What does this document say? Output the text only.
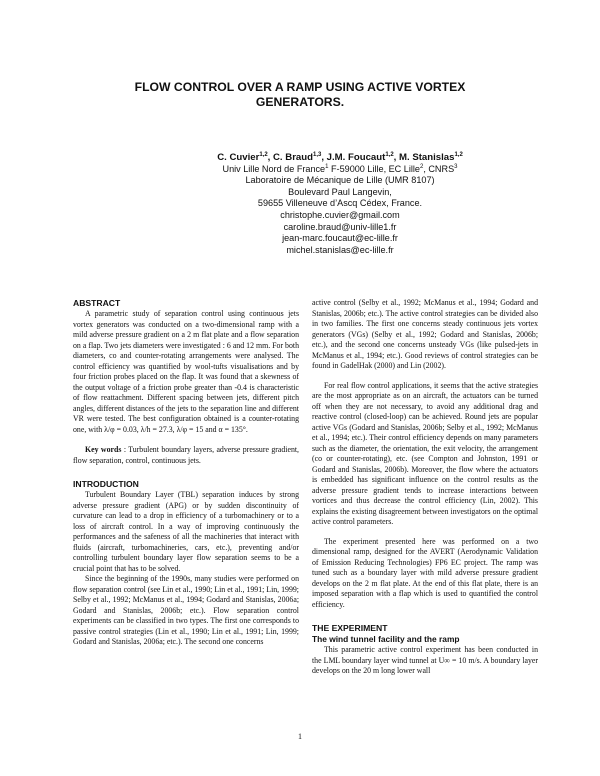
FLOW CONTROL OVER A RAMP USING ACTIVE VORTEX
GENERATORS.
C. Cuvier$^{1,2}$, C. Braud$^{1,3}$, J.M. Foucaut$^{1,2}$, M. Stanislas$^{1,2}$
Univ Lille Nord de France$^1$ F-59000 Lille, EC Lille$^2$, CNRS$^3$
Laboratoire de Mécanique de Lille (UMR 8107)
Boulevard Paul Langevin,
59655 Villeneuve d’Ascq Cédex, France.
christophe.cuvier@gmail.com
caroline.braud@univ-lille1.fr
jean-marc.foucaut@ec-lille.fr
michel.stanislas@ec-lille.fr
ABSTRACT

A parametric study of separation control using continuous jets vortex generators was conducted on a two-dimensional ramp with a mild adverse pressure gradient on a 2 m flat plate and a flow separation on a flap. Two jets diameters were investigated : 6 and 12 mm. For both diameters, co and counter-rotating arrangements were analysed. The control efficiency was quantified by wool-tufts visualisations and by four friction probes placed on the flap. It was found that a skewness of the output voltage of a friction probe greater than -0.4 is characteristic of flow reattachment. Different spacing between jets, different pitch angles, different distances of the jets to the separation line and different VR were tested. The best configuration obtained is a counter-rotating one, with λ/φ = 0.03, λ/h = 27.3, λ/φ = 15 and α = 135°.

Key words : Turbulent boundary layers, adverse pressure gradient, flow separation, control, continuous jets.

INTRODUCTION

Turbulent Boundary Layer (TBL) separation induces by strong adverse pressure gradient (APG) or by sudden discontinuity of curvature can lead to a drop in efficiency of a turbomachinery or to a loss of aircraft control. In a way of improving continuously the performances and the safeness of all the machineries that interact with fluids (aircraft, turbomachineries, cars, etc.), preventing and/or controlling turbulent boundary layer flow separation seems to be a crucial point that has to be solved.

Since the beginning of the 1990s, many studies were performed on flow separation control (see Lin et al., 1990; Lin et al., 1991; Lin, 1999; Selby et al., 1992; McManus et al., 1994; Godard and Stanislas, 2006a; Godard and Stanislas, 2006b; etc.). Flow separation control experiments can be classified in two types. The first one corresponds to passive control strategies (Lin et al., 1990; Lin et al., 1991; Lin, 1999; Godard and Stanislas, 2006a; etc.). The second one concerns

active control (Selby et al., 1992; McManus et al., 1994; Godard and Stanislas, 2006b; etc.). The active control strategies can be divided also in two families. The first one concerns steady continuous jets vortex generators (VGs) (Selby et al., 1992; Godard and Stanislas, 2006b; etc.), and the second one concerns unsteady VGs (like pulsed-jets in McManus et al., 1994; etc.). Good reviews of control strategies can be found in GadelHak (2000) and Lin (2002).

For real flow control applications, it seems that the active strategies are the most appropriate as on an aircraft, the actuators can be turned off when they are not necessary, to avoid any additional drag and reactive control (closed-loop) can be achieved. Round jets are popular active VGs (Godard and Stanislas, 2006b; Selby et al., 1992; McManus et al., 1994; etc.). Their control efficiency depends on many parameters such as the diameter, the orientation, the exit velocity, the arrangement (co or counter-rotating), etc. (see Compton and Johnston, 1991 or Godard and Stanislas, 2006b). Moreover, the flow where the actuators is embedded has significant influence on the control results as the adverse pressure gradient tends to increase interactions between vortices and thus decrease the control efficiency (Lin, 2002). This explains the existing disagreement between investigators on the optimal active control parameters.

The experiment presented here was performed on a two dimensional ramp, designed for the AVERT (Aerodynamic Validation of Emission Reducing Technologies) FP6 EC project. The ramp was tuned such as a boundary layer with mild adverse pressure gradient develops on the 2 m flat plate. At the end of this flat plate, there is an imposed separation with a flap which is used to quantified the control efficiency.

THE EXPERIMENT
The wind tunnel facility and the ramp

This parametric active control experiment has been conducted in the LML boundary layer wind tunnel at U∞ = 10 m/s. A boundary layer develops on the 20 m long lower wall

1
